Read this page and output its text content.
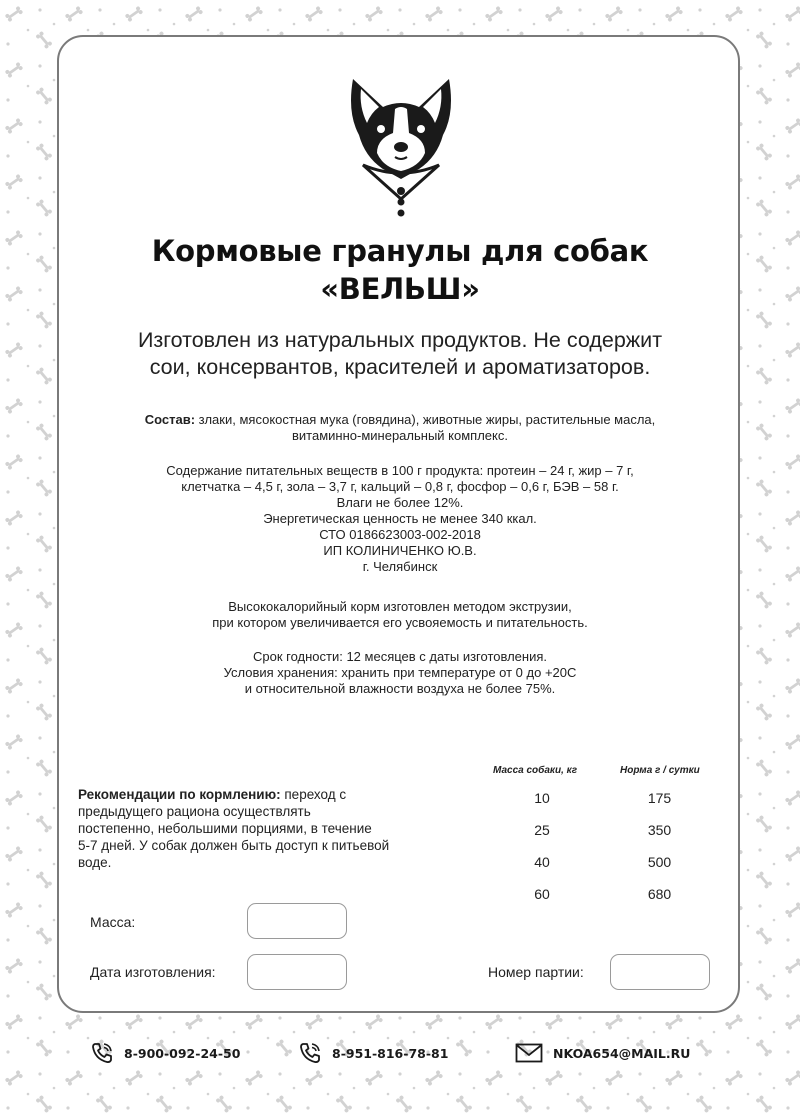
Кормовые гранулы для собак
«ВЕЛЬШ»
Изготовлен из натуральных продуктов. Не содержит
сои, консервантов, красителей и ароматизаторов.

Состав: злаки, мясокостная мука (говядина), животные жиры, растительные масла,

витаминно-минеральный комплекс.

Содержание питательных веществ в 100 г продукта: протеин – 24 г, жир – 7 г,

клетчатка – 4,5 г, зола – 3,7 г, кальций – 0,8 г, фосфор – 0,6 г, БЭВ – 58 г.

Влаги не более 12%.

Энергетическая ценность не менее 340 ккал.

СТО 0186623003-002-2018

ИП КОЛИНИЧЕНКО Ю.В.

г. Челябинск

Высококалорийный корм изготовлен методом экструзии,

при котором увеличивается его усвояемость и питательность.

Срок годности: 12 месяцев с даты изготовления.

Условия хранения: хранить при температуре от 0 до +20С

и относительной влажности воздуха не более 75%.

Рекомендации по кормлению: переход с
предыдущего рациона осуществлять
постепенно, небольшими порциями, в течение
5-7 дней. У собак должен быть доступ к питьевой
воде.
Масса собаки, кг	Норма г / сутки
10	175
25	350
40	500
60	680
Масса:
Дата изготовления:	Номер партии:
8-900-092-24-50	8-951-816-78-81	NKOA654@MAIL.RU
